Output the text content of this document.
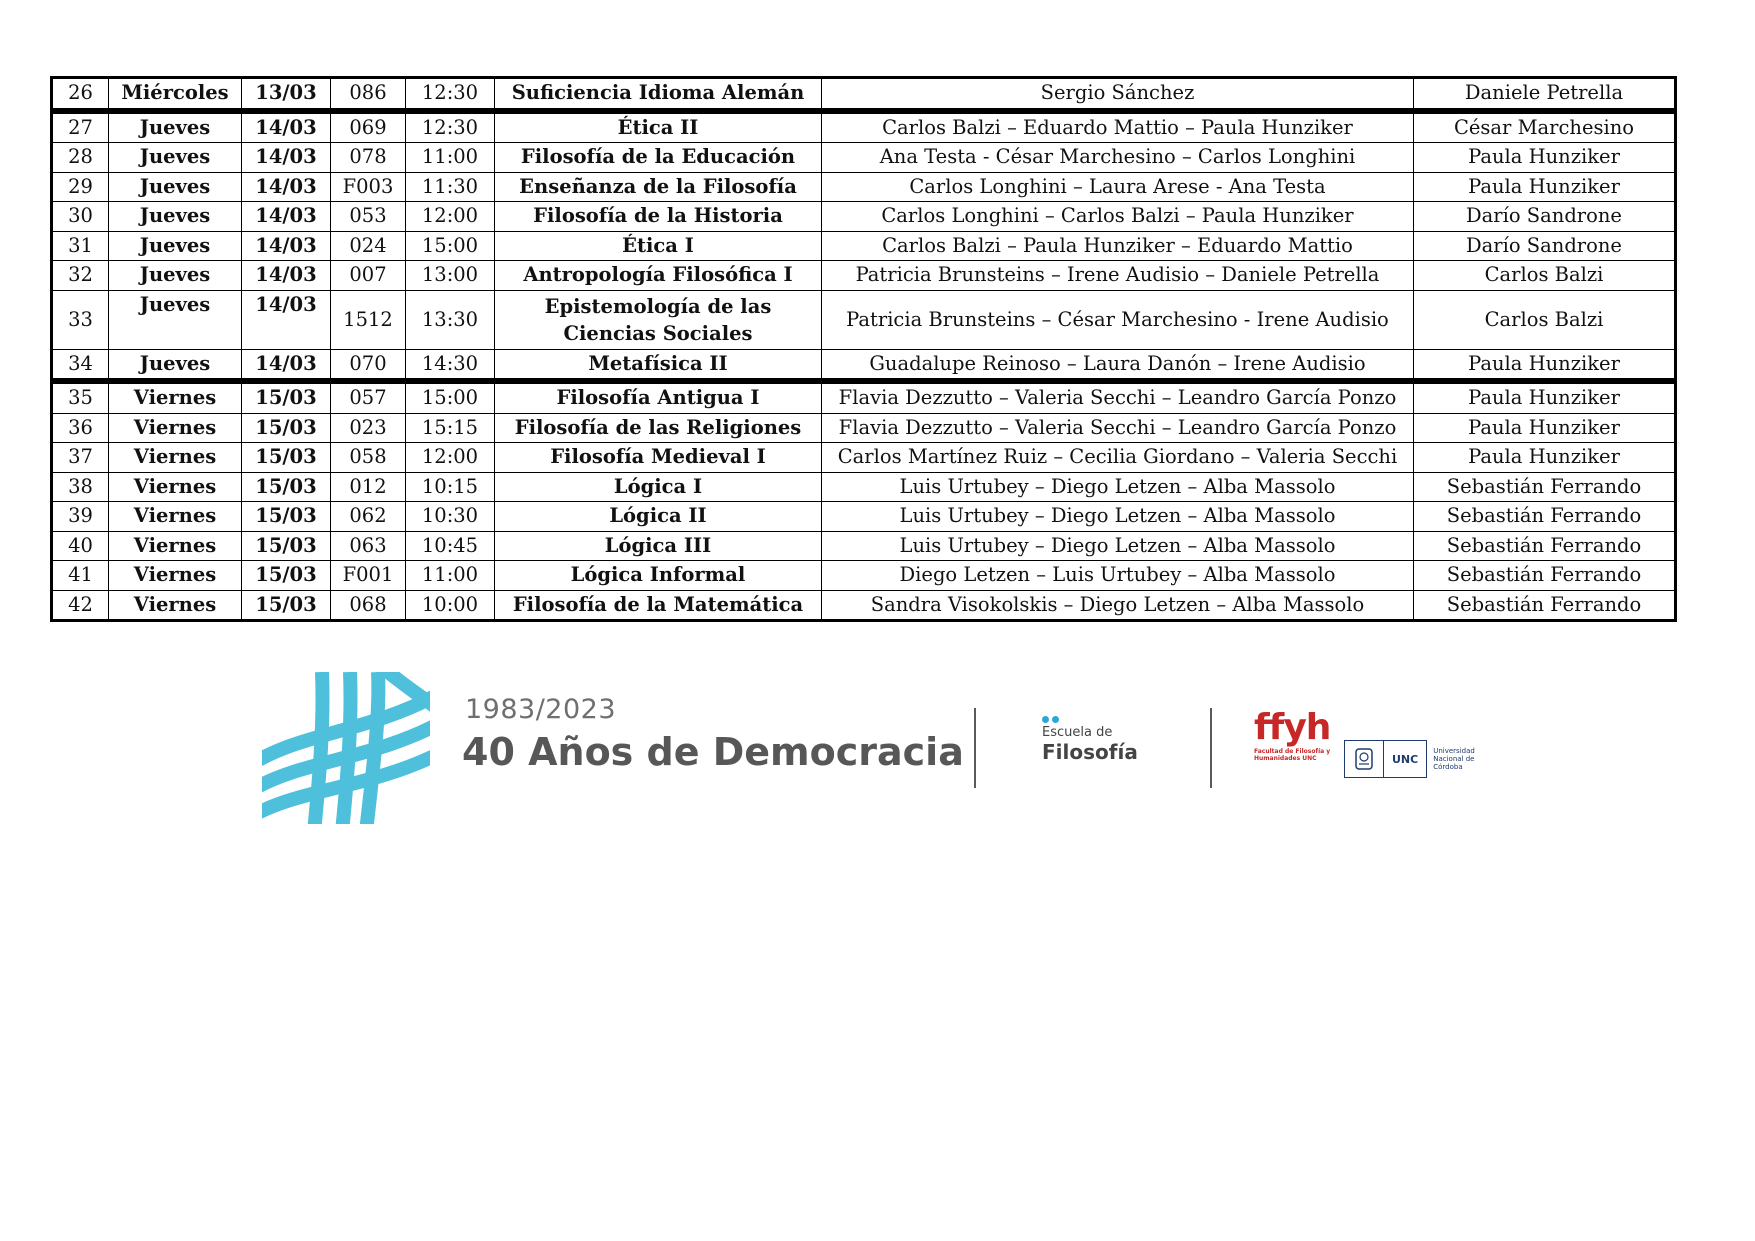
26	Miércoles	13/03	086	12:30	Suficiencia Idioma Alemán	Sergio Sánchez	Daniele Petrella
27	Jueves	14/03	069	12:30	Ética II	Carlos Balzi – Eduardo Mattio – Paula Hunziker	César Marchesino
28	Jueves	14/03	078	11:00	Filosofía de la Educación	Ana Testa - César Marchesino – Carlos Longhini	Paula Hunziker
29	Jueves	14/03	F003	11:30	Enseñanza de la Filosofía	Carlos Longhini – Laura Arese - Ana Testa	Paula Hunziker
30	Jueves	14/03	053	12:00	Filosofía de la Historia	Carlos Longhini – Carlos Balzi – Paula Hunziker	Darío Sandrone
31	Jueves	14/03	024	15:00	Ética I	Carlos Balzi – Paula Hunziker – Eduardo Mattio	Darío Sandrone
32	Jueves	14/03	007	13:00	Antropología Filosófica I	Patricia Brunsteins – Irene Audisio – Daniele Petrella	Carlos Balzi
33	Jueves	14/03	1512	13:30	Epistemología de las Ciencias Sociales	Patricia Brunsteins – César Marchesino - Irene Audisio	Carlos Balzi
34	Jueves	14/03	070	14:30	Metafísica II	Guadalupe Reinoso – Laura Danón – Irene Audisio	Paula Hunziker
35	Viernes	15/03	057	15:00	Filosofía Antigua I	Flavia Dezzutto – Valeria Secchi – Leandro García Ponzo	Paula Hunziker
36	Viernes	15/03	023	15:15	Filosofía de las Religiones	Flavia Dezzutto – Valeria Secchi – Leandro García Ponzo	Paula Hunziker
37	Viernes	15/03	058	12:00	Filosofía Medieval I	Carlos Martínez Ruiz – Cecilia Giordano – Valeria Secchi	Paula Hunziker
38	Viernes	15/03	012	10:15	Lógica I	Luis Urtubey – Diego Letzen – Alba Massolo	Sebastián Ferrando
39	Viernes	15/03	062	10:30	Lógica II	Luis Urtubey – Diego Letzen – Alba Massolo	Sebastián Ferrando
40	Viernes	15/03	063	10:45	Lógica III	Luis Urtubey – Diego Letzen – Alba Massolo	Sebastián Ferrando
41	Viernes	15/03	F001	11:00	Lógica Informal	Diego Letzen – Luis Urtubey – Alba Massolo	Sebastián Ferrando
42	Viernes	15/03	068	10:00	Filosofía de la Matemática	Sandra Visokolskis – Diego Letzen – Alba Massolo	Sebastián Ferrando
1983/2023
40 Años de Democracia	Escuela de
Filosofía
ffyh
Facultad de Filosofía y Humanidades UNC	UNC
Universidad Nacional de Córdoba
